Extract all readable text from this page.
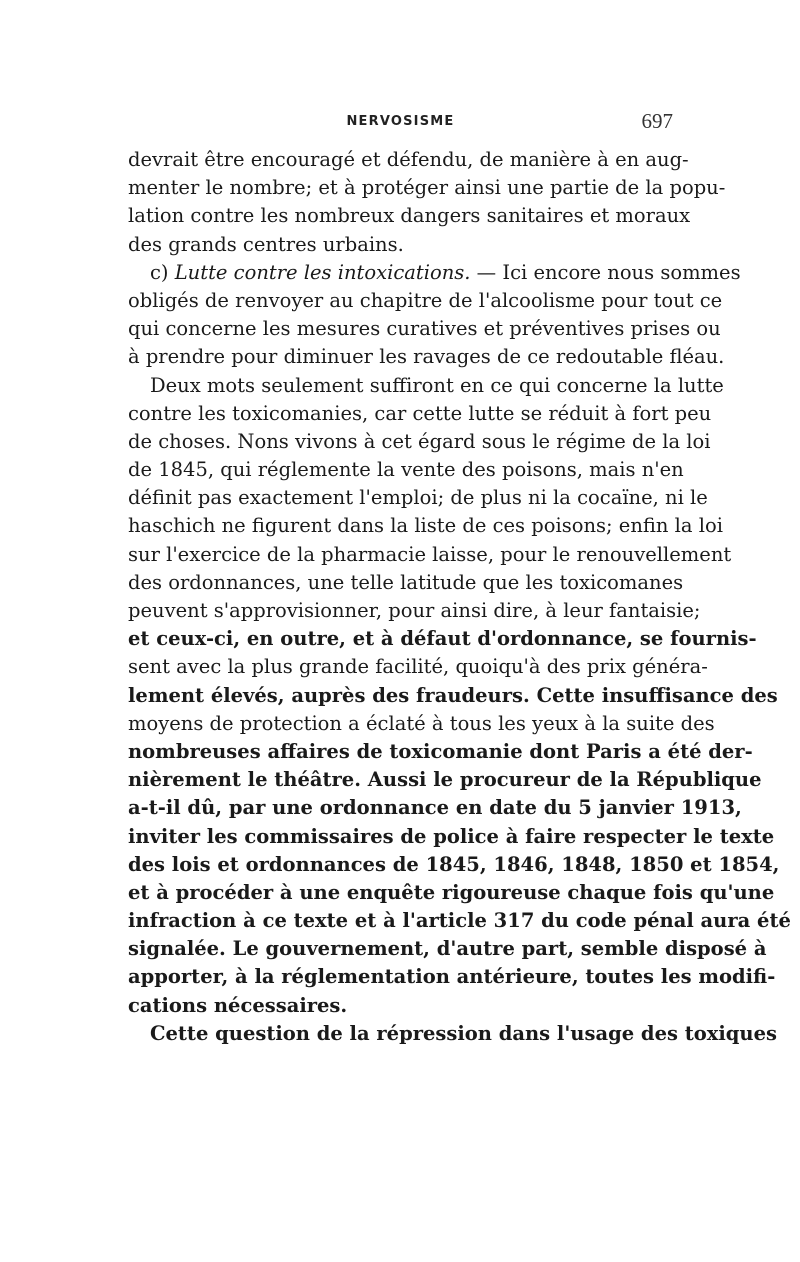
NERVOSISME	697
devrait être encouragé et défendu, de manière à en aug-
menter le nombre; et à protéger ainsi une partie de la popu-
lation contre les nombreux dangers sanitaires et moraux
des grands centres urbains.
c) Lutte contre les intoxications. — Ici encore nous sommes
obligés de renvoyer au chapitre de l'alcoolisme pour tout ce
qui concerne les mesures curatives et préventives prises ou
à prendre pour diminuer les ravages de ce redoutable fléau.
Deux mots seulement suffiront en ce qui concerne la lutte
contre les toxicomanies, car cette lutte se réduit à fort peu
de choses. Nons vivons à cet égard sous le régime de la loi
de 1845, qui réglemente la vente des poisons, mais n'en
définit pas exactement l'emploi; de plus ni la cocaïne, ni le
haschich ne figurent dans la liste de ces poisons; enfin la loi
sur l'exercice de la pharmacie laisse, pour le renouvellement
des ordonnances, une telle latitude que les toxicomanes
peuvent s'approvisionner, pour ainsi dire, à leur fantaisie;
et ceux-ci, en outre, et à défaut d'ordonnance, se fournis-
sent avec la plus grande facilité, quoiqu'à des prix généra-
lement élevés, auprès des fraudeurs. Cette insuffisance des
moyens de protection a éclaté à tous les yeux à la suite des
nombreuses affaires de toxicomanie dont Paris a été der-
nièrement le théâtre. Aussi le procureur de la République
a-t-il dû, par une ordonnance en date du 5 janvier 1913,
inviter les commissaires de police à faire respecter le texte
des lois et ordonnances de 1845, 1846, 1848, 1850 et 1854,
et à procéder à une enquête rigoureuse chaque fois qu'une
infraction à ce texte et à l'article 317 du code pénal aura été
signalée. Le gouvernement, d'autre part, semble disposé à
apporter, à la réglementation antérieure, toutes les modifi-
cations nécessaires.
Cette question de la répression dans l'usage des toxiques
